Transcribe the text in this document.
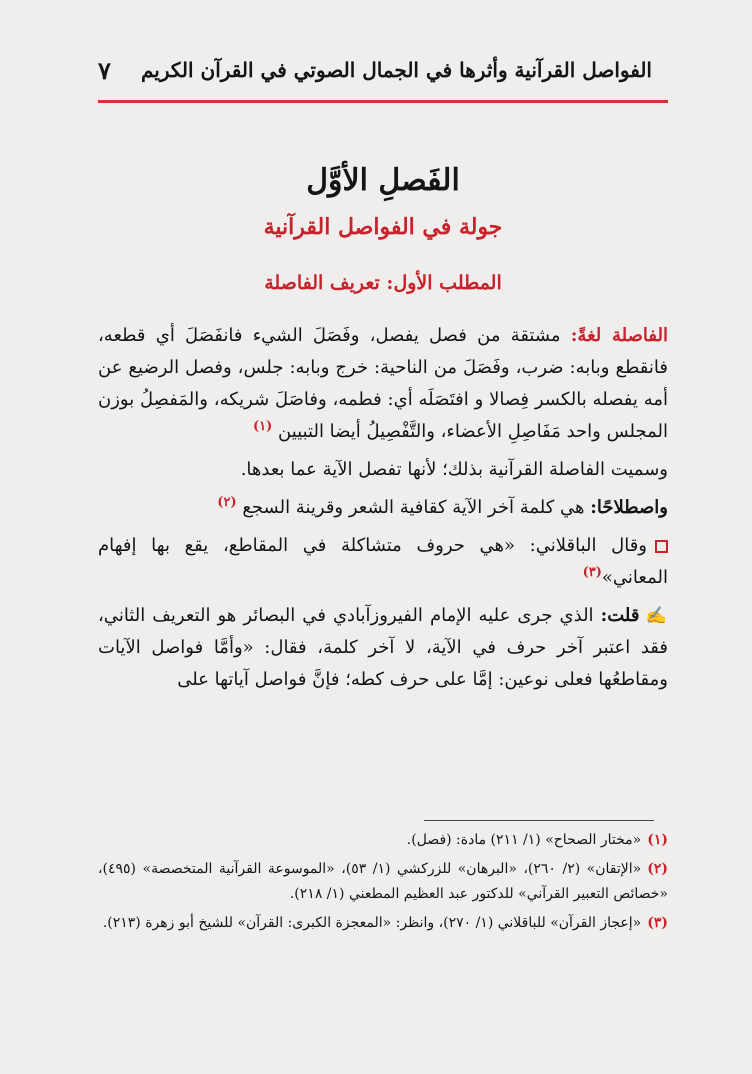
الفواصل القرآنية وأثرها في الجمال الصوتي في القرآن الكريم
٧
الفَصلِ الأوَّل
جولة في الفواصل القرآنية
المطلب الأول: تعريف الفاصلة

الفاصلة لغةً: مشتقة من فصل يفصل، وفَصَلَ الشيء فانفَصَلَ أي قطعه، فانقطع وبابه: ضرب، وفَصَلَ من الناحية: خرج وبابه: جلس، وفصل الرضيع عن أمه يفصله بالكسر فِصالا و افتَصَلَه أي: فطمه، وفاصَلَ شريكه، والمَفصِلُ بوزن المجلس واحد مَفَاصِلِ الأعضاء، والتَّفْصِيلُ أيضا التبيين $^{(١)}$

وسميت الفاصلة القرآنية بذلك؛ لأنها تفصل الآية عما بعدها.

واصطلاحًا: هي كلمة آخر الآية كقافية الشعر وقرينة السجع $^{(٢)}$

وقال الباقلاني: «هي حروف متشاكلة في المقاطع، يقع بها إفهام المعاني»$^{(٣)}$

✍قلت: الذي جرى عليه الإمام الفيروزآبادي في البصائر هو التعريف الثاني، فقد اعتبر آخر حرف في الآية، لا آخر كلمة، فقال: «وأمَّا فواصل الآيات ومقاطعُها فعلى نوعين: إمَّا على حرف كطه؛ فإنَّ فواصل آياتها على

(١)«مختار الصحاح» (١/ ٢١١) مادة: (فصل).

(٢)«الإتقان» (٢/ ٢٦٠)، «البرهان» للزركشي (١/ ٥٣)، «الموسوعة القرآنية المتخصصة» (٤٩٥)، «خصائص التعبير القرآني» للدكتور عبد العظيم المطعني (١/ ٢١٨).

(٣)«إعجاز القرآن» للباقلاني (١/ ٢٧٠)، وانظر: «المعجزة الكبرى: القرآن» للشيخ أبو زهرة (٢١٣).
